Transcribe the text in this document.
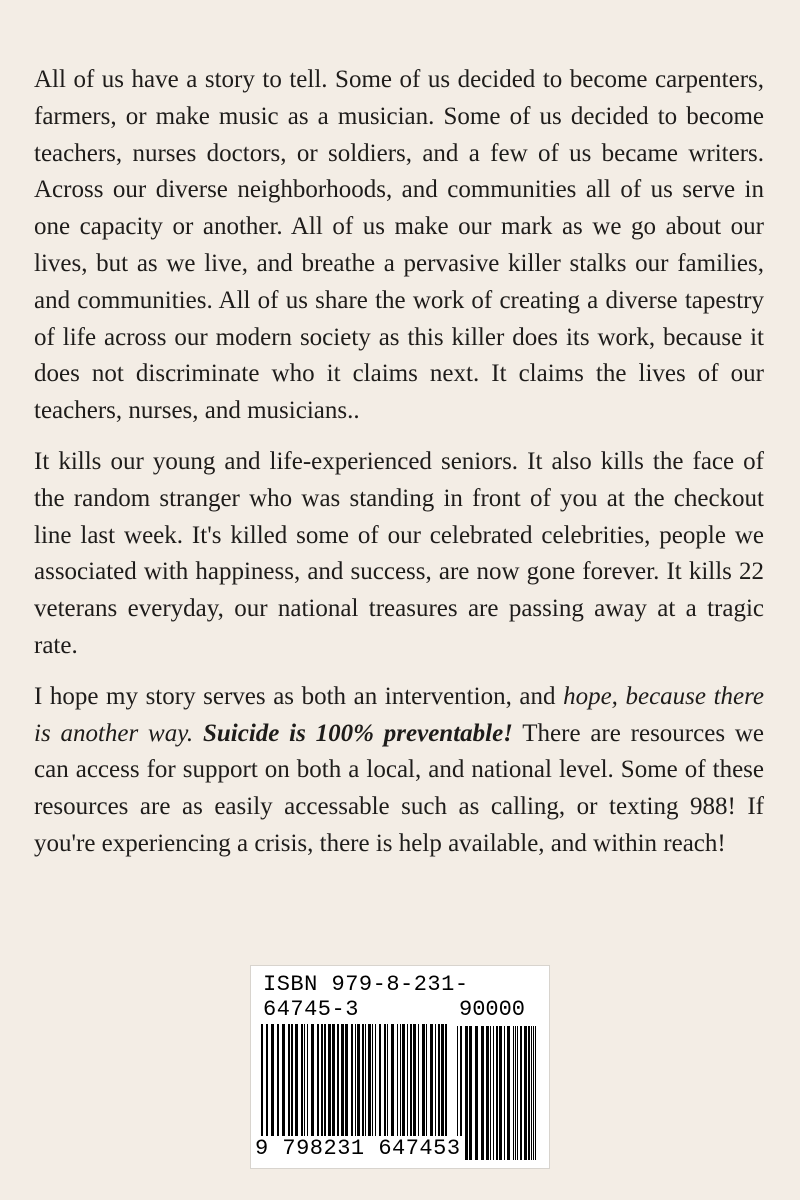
All of us have a story to tell. Some of us decided to become carpenters, farmers, or make music as a musician. Some of us decided to become teachers, nurses doctors, or soldiers, and a few of us became writers. Across our diverse neighborhoods, and communities all of us serve in one capacity or another. All of us make our mark as we go about our lives, but as we live, and breathe a pervasive killer stalks our families, and communities. All of us share the work of creating a diverse tapestry of life across our modern society as this killer does its work, because it does not discriminate who it claims next. It claims the lives of our teachers, nurses, and musicians..

It kills our young and life-experienced seniors. It also kills the face of the random stranger who was standing in front of you at the checkout line last week. It's killed some of our celebrated celebrities, people we associated with happiness, and success, are now gone forever. It kills 22 veterans everyday, our national treasures are passing away at a tragic rate.

I hope my story serves as both an intervention, and hope, because there is another way. Suicide is 100% preventable! There are resources we can access for support on both a local, and national level. Some of these resources are as easily accessable such as calling, or texting 988! If you're experiencing a crisis, there is help available, and within reach!

ISBN 979-8-231-64745-3	90000
9 798231 647453
